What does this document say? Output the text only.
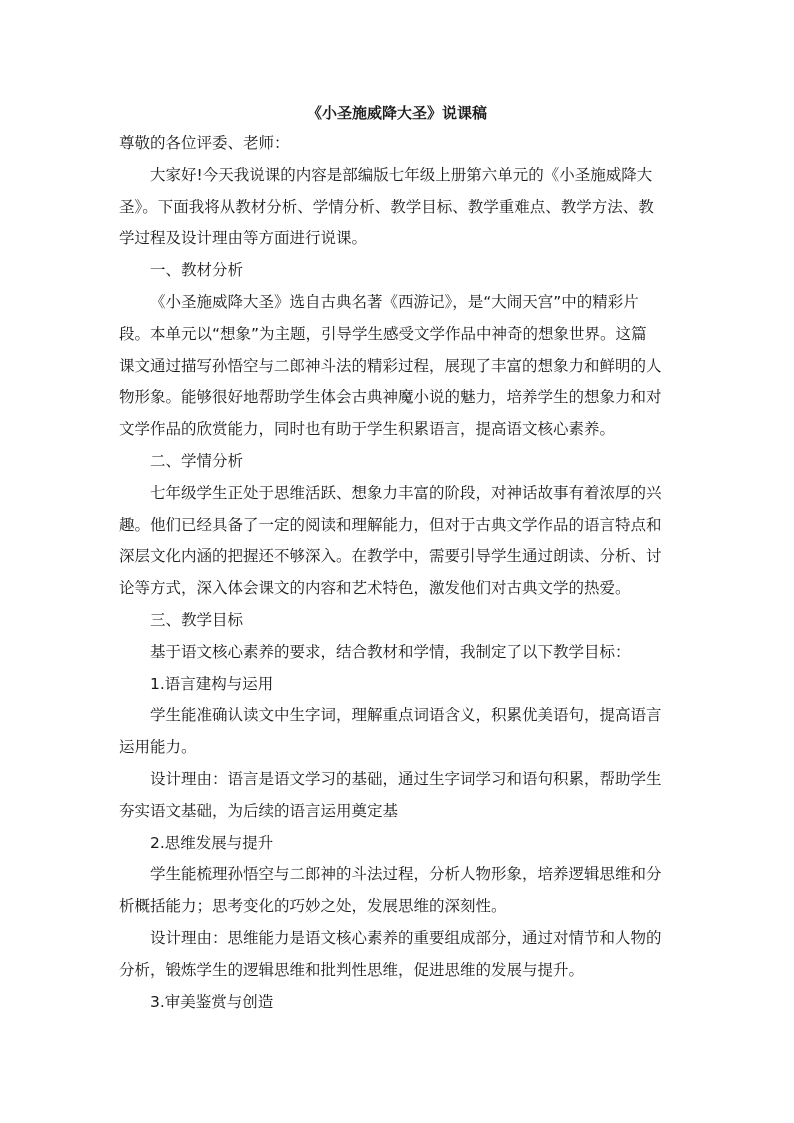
《小圣施威降大圣》说课稿

尊敬的各位评委、老师：

大家好!今天我说课的内容是部编版七年级上册第六单元的《小圣施威降大

圣》。下面我将从教材分析、学情分析、教学目标、教学重难点、教学方法、教

学过程及设计理由等方面进行说课。

一、教材分析

《小圣施威降大圣》选自古典名著《西游记》，是“大闹天宫”中的精彩片

段。本单元以“想象”为主题，引导学生感受文学作品中神奇的想象世界。这篇

课文通过描写孙悟空与二郎神斗法的精彩过程，展现了丰富的想象力和鲜明的人

物形象。能够很好地帮助学生体会古典神魔小说的魅力，培养学生的想象力和对

文学作品的欣赏能力，同时也有助于学生积累语言，提高语文核心素养。

二、学情分析

七年级学生正处于思维活跃、想象力丰富的阶段，对神话故事有着浓厚的兴

趣。他们已经具备了一定的阅读和理解能力，但对于古典文学作品的语言特点和

深层文化内涵的把握还不够深入。在教学中，需要引导学生通过朗读、分析、讨

论等方式，深入体会课文的内容和艺术特色，激发他们对古典文学的热爱。

三、教学目标

基于语文核心素养的要求，结合教材和学情，我制定了以下教学目标：

1.语言建构与运用

学生能准确认读文中生字词，理解重点词语含义，积累优美语句，提高语言

运用能力。

设计理由：语言是语文学习的基础，通过生字词学习和语句积累，帮助学生

夯实语文基础，为后续的语言运用奠定基

2.思维发展与提升

学生能梳理孙悟空与二郎神的斗法过程，分析人物形象，培养逻辑思维和分

析概括能力；思考变化的巧妙之处，发展思维的深刻性。

设计理由：思维能力是语文核心素养的重要组成部分，通过对情节和人物的

分析，锻炼学生的逻辑思维和批判性思维，促进思维的发展与提升。

3.审美鉴赏与创造
